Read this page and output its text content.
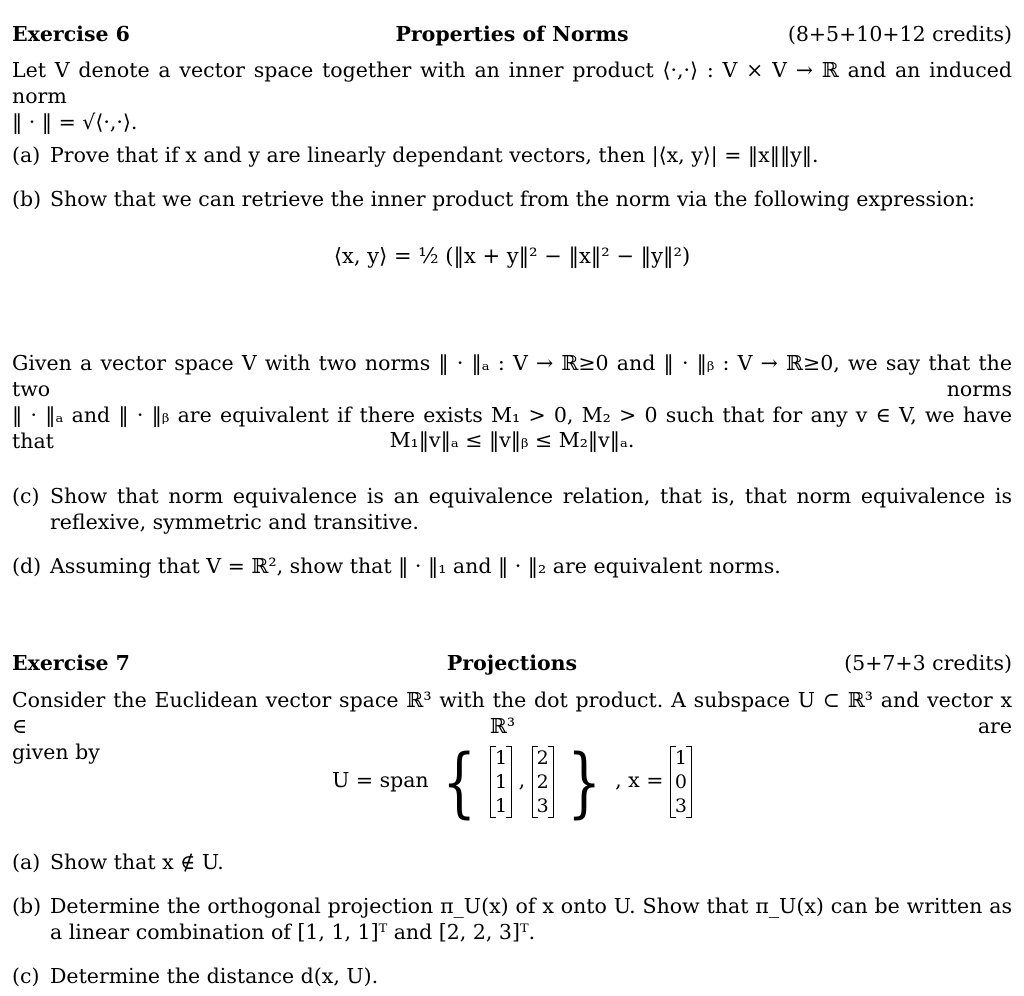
Exercise 6	Properties of Norms	(8+5+10+12 credits)
Let V denote a vector space together with an inner product ⟨·,·⟩ : V × V → ℝ and an induced norm
‖ · ‖ = √⟨·,·⟩.
(a) Prove that if x and y are linearly dependant vectors, then |⟨x, y⟩| = ‖x‖‖y‖.
(b) Show that we can retrieve the inner product from the norm via the following expression:
⟨x, y⟩ = ½ (‖x + y‖² − ‖x‖² − ‖y‖²)
Given a vector space V with two norms ‖ · ‖ₐ : V → ℝ≥0 and ‖ · ‖ᵦ : V → ℝ≥0, we say that the two norms
‖ · ‖ₐ and ‖ · ‖ᵦ are equivalent if there exists M₁ > 0, M₂ > 0 such that for any v ∈ V, we have that	M₁‖v‖ₐ ≤ ‖v‖ᵦ ≤ M₂‖v‖ₐ.
(c) Show that norm equivalence is an equivalence relation, that is, that norm equivalence is reflexive, symmetric and transitive.
(d) Assuming that V = ℝ², show that ‖ · ‖₁ and ‖ · ‖₂ are equivalent norms.
Exercise 7	Projections	(5+7+3 credits)
Consider the Euclidean vector space ℝ³ with the dot product. A subspace U ⊂ ℝ³ and vector x ∈ ℝ³ are
given by
U = span { 1
1
1
,
2
2
3 } , x =
1
0
3
(a) Show that x ∉ U.
(b) Determine the orthogonal projection π_U(x) of x onto U. Show that π_U(x) can be written as a linear combination of [1, 1, 1]ᵀ and [2, 2, 3]ᵀ.
(c) Determine the distance d(x, U).
